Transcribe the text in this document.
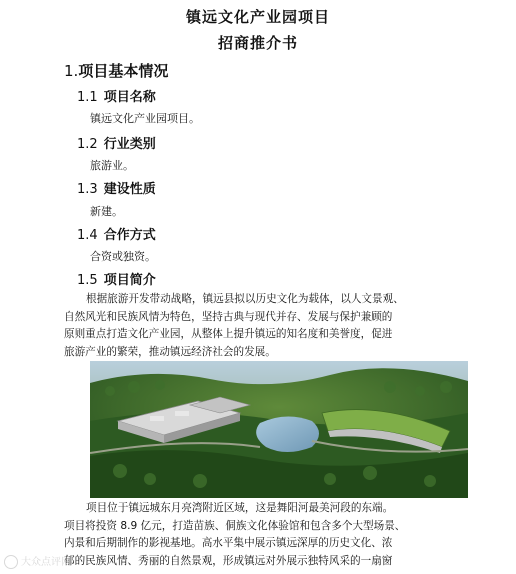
镇远文化产业园项目
招商推介书
1.项目基本情况
1.1 项目名称
镇远文化产业园项目。
1.2 行业类别
旅游业。
1.3 建设性质
新建。
1.4 合作方式
合资或独资。
1.5 项目简介
根据旅游开发带动战略，镇远县拟以历史文化为载体，以人文景观、
自然风光和民族风情为特色，坚持古典与现代并存、发展与保护兼顾的
原则重点打造文化产业园，从整体上提升镇远的知名度和美誉度，促进
旅游产业的繁荣，推动镇远经济社会的发展。
项目位于镇远城东月亮湾附近区域，这是舞阳河最美河段的东端。
项目将投资 8.9 亿元，打造苗族、侗族文化体验馆和包含多个大型场景、
内景和后期制作的影视基地。高水平集中展示镇远深厚的历史文化、浓
郁的民族风情、秀丽的自然景观，形成镇远对外展示独特风采的一扇窗
大众点评网
